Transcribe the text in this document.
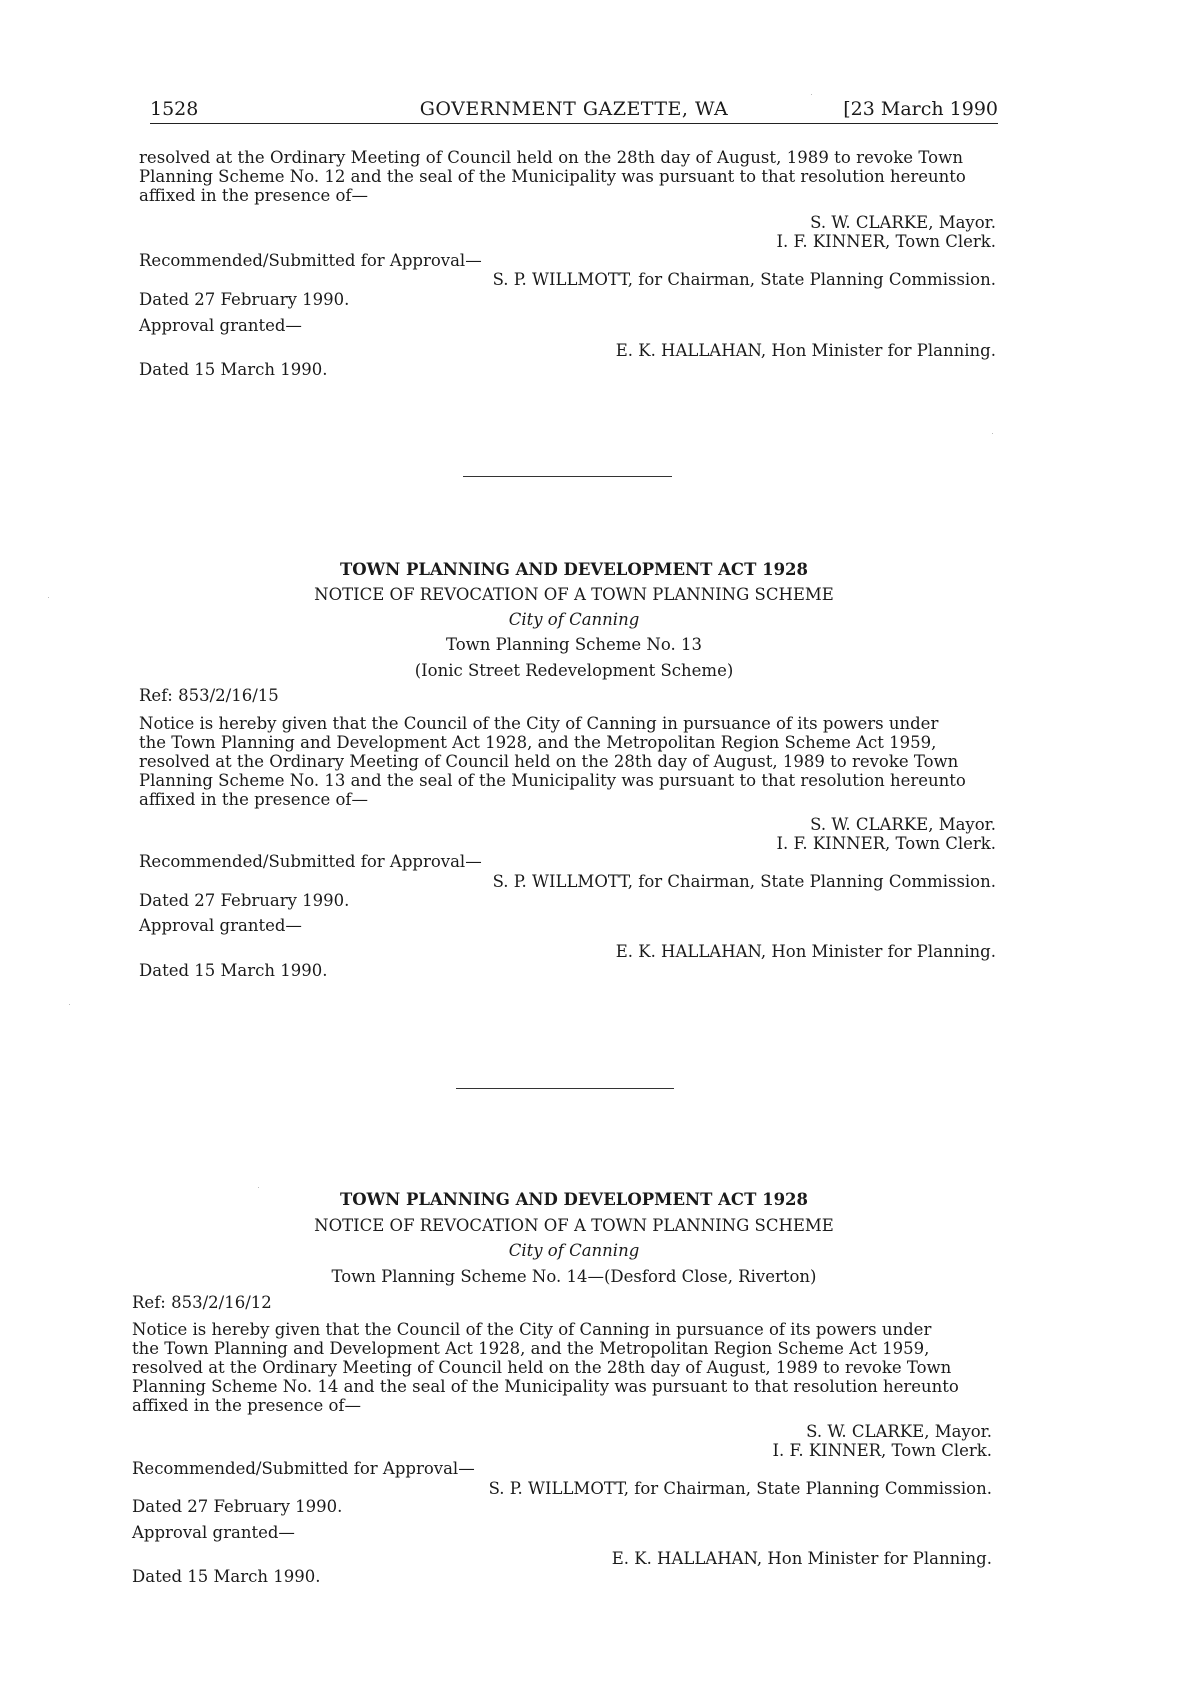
1528	GOVERNMENT GAZETTE, WA	[23 March 1990
resolved at the Ordinary Meeting of Council held on the 28th day of August, 1989 to revoke Town
Planning Scheme No. 12 and the seal of the Municipality was pursuant to that resolution hereunto
affixed in the presence of—
S. W. CLARKE, Mayor.
I. F. KINNER, Town Clerk.
Recommended/Submitted for Approval—
S. P. WILLMOTT, for Chairman, State Planning Commission.
Dated 27 February 1990.
Approval granted—
E. K. HALLAHAN, Hon Minister for Planning.
Dated 15 March 1990.
TOWN PLANNING AND DEVELOPMENT ACT 1928
NOTICE OF REVOCATION OF A TOWN PLANNING SCHEME
City of Canning
Town Planning Scheme No. 13
(Ionic Street Redevelopment Scheme)
Ref: 853/2/16/15
Notice is hereby given that the Council of the City of Canning in pursuance of its powers under
the Town Planning and Development Act 1928, and the Metropolitan Region Scheme Act 1959,
resolved at the Ordinary Meeting of Council held on the 28th day of August, 1989 to revoke Town
Planning Scheme No. 13 and the seal of the Municipality was pursuant to that resolution hereunto
affixed in the presence of—
S. W. CLARKE, Mayor.
I. F. KINNER, Town Clerk.
Recommended/Submitted for Approval—
S. P. WILLMOTT, for Chairman, State Planning Commission.
Dated 27 February 1990.
Approval granted—
E. K. HALLAHAN, Hon Minister for Planning.
Dated 15 March 1990.
TOWN PLANNING AND DEVELOPMENT ACT 1928
NOTICE OF REVOCATION OF A TOWN PLANNING SCHEME
City of Canning
Town Planning Scheme No. 14—(Desford Close, Riverton)
Ref: 853/2/16/12
Notice is hereby given that the Council of the City of Canning in pursuance of its powers under
the Town Planning and Development Act 1928, and the Metropolitan Region Scheme Act 1959,
resolved at the Ordinary Meeting of Council held on the 28th day of August, 1989 to revoke Town
Planning Scheme No. 14 and the seal of the Municipality was pursuant to that resolution hereunto
affixed in the presence of—
S. W. CLARKE, Mayor.
I. F. KINNER, Town Clerk.
Recommended/Submitted for Approval—
S. P. WILLMOTT, for Chairman, State Planning Commission.
Dated 27 February 1990.
Approval granted—
E. K. HALLAHAN, Hon Minister for Planning.
Dated 15 March 1990.
